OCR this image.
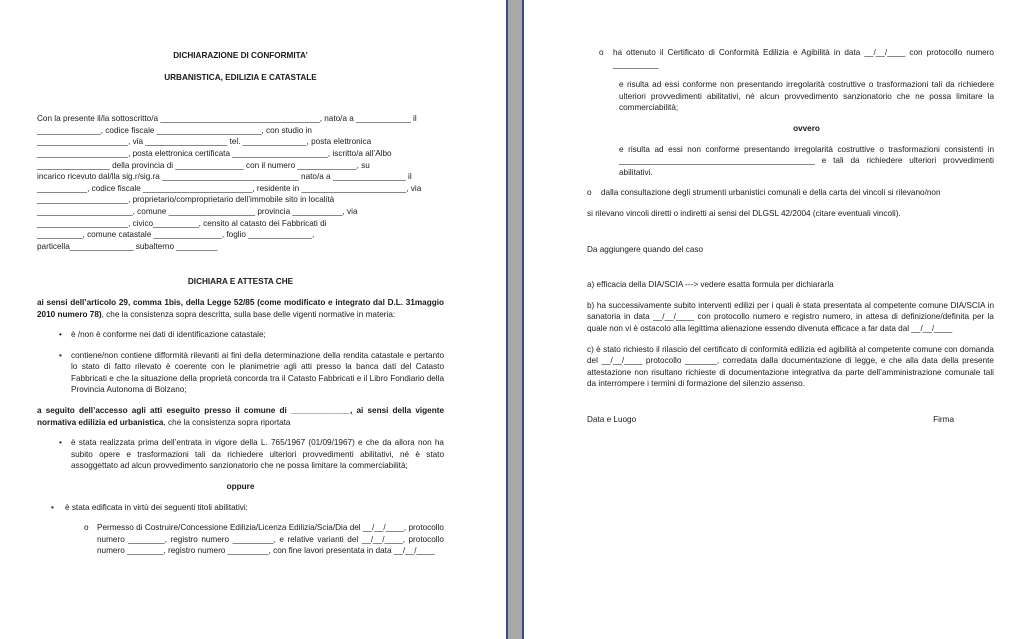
DICHIARAZIONE DI CONFORMITA’

URBANISTICA, EDILIZIA E CATASTALE

Con la presente il/la sottoscritto/a ___________________________________, nato/a a ____________ il

______________, codice fiscale _______________________, con studio in

____________________, via __________________ tel. ______________, posta elettronica

____________________, posta elettronica certificata _____________________, iscritto/a all’Albo

________________ della provincia di _______________ con il numero _____________, su

incarico ricevuto dal/lla sig.r/sig.ra ______________________________ nato/a a ________________ il

___________, codice fiscale ________________________, residente in _______________________, via

____________________, proprietario/comproprietario dell’immobile sito in località

_____________________, comune ___________________ provincia ___________, via

____________________, civico__________, censito al catasto dei Fabbricati di

__________, comune catastale _______________, foglio ______________,

particella______________ subalterno _________

DICHIARA E ATTESTA CHE

ai sensi dell’articolo 29, comma 1bis, della Legge 52/85 (come modificato e integrato dal D.L. 31maggio 2010 numero 78), che la consistenza sopra descritta, sulla base delle vigenti normative in materia:

• è /non è conforme nei dati di identificazione catastale;
• contiene/non contiene difformità rilevanti ai fini della determinazione della rendita catastale e pertanto lo stato di fatto rilevato è coerente con le planimetrie agli atti presso la banca dati del Catasto Fabbricati e che la situazione della proprietà concorda tra il Catasto Fabbricati e il Libro Fondiario della Provincia Autonoma di Bolzano;

a seguito dell’accesso agli atti eseguito presso il comune di _____________, ai sensi della vigente normativa edilizia ed urbanistica, che la consistenza sopra riportata

• è stata realizzata prima dell’entrata in vigore della L. 765/1967 (01/09/1967) e che da allora non ha subito opere e trasformazioni tali da richiedere ulteriori provvedimenti abilitativi, né è stato assoggettato ad alcun provvedimento sanzionatorio che ne possa limitare la commerciabilità;

oppure

• è stata edificata in virtù dei seguenti titoli abilitativi:
o Permesso di Costruire/Concessione Edilizia/Licenza Edilizia/Scia/Dia del __/__/____, protocollo numero ________, registro numero _________, e relative varianti del __/__/____, protocollo numero ________, registro numero _________, con fine lavori presentata in data __/__/____
o ha ottenuto il Certificato di Conformità Edilizia e Agibilità in data __/__/____ con protocollo numero __________

e risulta ad essi conforme non presentando irregolarità costruttive o trasformazioni tali da richiedere ulteriori provvedimenti abilitativi, né alcun provvedimento sanzionatorio che ne possa limitare la commerciabilità;

ovvero

e risulta ad essi non conforme presentando irregolarità costruttive o trasformazioni consistenti in ___________________________________________ e tali da richiedere ulteriori provvedimenti abilitativi.

o dalla consultazione degli strumenti urbanistici comunali e della carta dei vincoli si rilevano/non

si rilevano vincoli diretti o indiretti ai sensi del DLGSL 42/2004 (citare eventuali vincoli).

Da aggiungere quando del caso

a) efficacia della DIA/SCIA ---> vedere esatta formula per dichiararla

b) ha successivamente subito interventi edilizi per i quali è stata presentata al competente comune DIA/SCIA in sanatoria in data __/__/____ con protocollo numero e registro numero, in attesa di definizione/definita per la quale non vi è ostacolo alla legittima alienazione essendo divenuta efficace a far data dal __/__/____

c) è stato richiesto il rilascio del certificato di conformità edilizia ed agibilità al competente comune con domanda del __/__/____ protocollo _______, corredata dalla documentazione di legge, e che alla data della presente attestazione non risultano richieste di documentazione integrativa da parte dell’amministrazione comunale tali da interrompere i termini di formazione del silenzio assenso.

Data e Luogo	Firma
